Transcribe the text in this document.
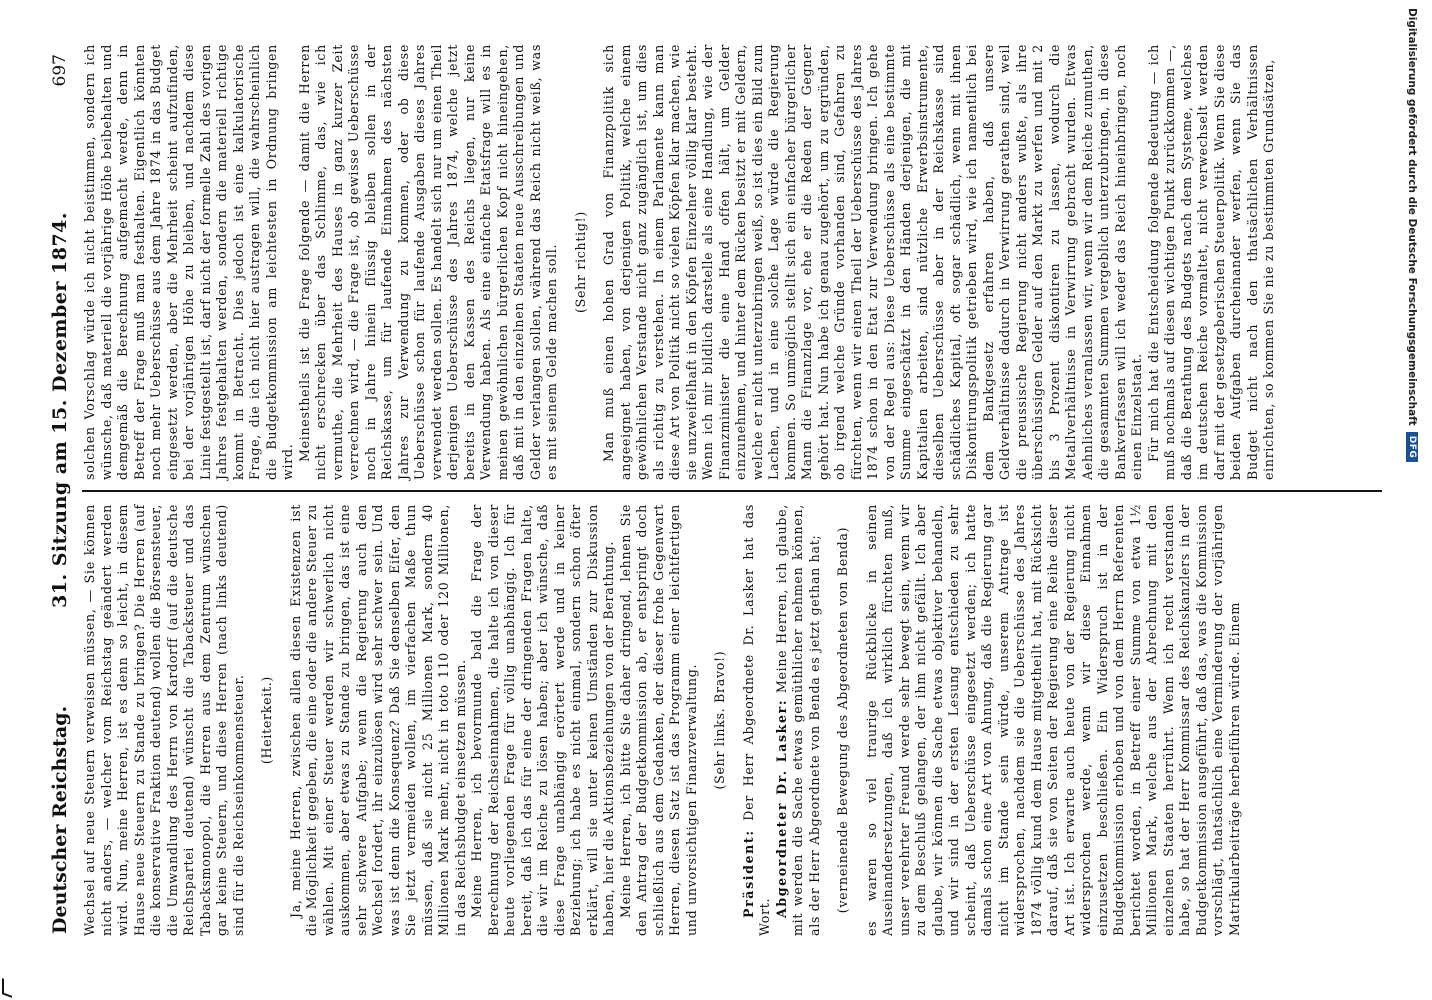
Deutscher Reichstag.
31. Sitzung am 15. Dezember 1874.
697

Wechsel auf neue Steuern verweisen müssen, — Sie können nicht anders, — welcher vom Reichstag geändert werden wird. Nun, meine Herren, ist es denn so leicht, in diesem Hause neue Steuern zu Stande zu bringen? Die Herren (auf die konservative Fraktion deutend) wollen die Börsensteuer, die Umwandlung des Herrn von Kardorff (auf die deutsche Reichspartei deutend) wünscht die Tabacksteuer und das Tabacksmonopol, die Herren aus dem Zentrum wünschen gar keine Steuern, und diese Herren (nach links deutend) sind für die Reichseinkommensteuer. (Heiterkeit.) Ja, meine Herren, zwischen allen diesen Existenzen ist die Möglichkeit gegeben, die eine oder die andere Steuer zu wählen. Mit einer Steuer werden wir schwerlich nicht auskommen, aber etwas zu Stande zu bringen, das ist eine sehr schwere Aufgabe; wenn die Regierung auch den Wechsel fordert, ihr einzulösen wird sehr schwer sein. Und was ist denn die Konsequenz? Daß Sie denselben Eifer, den Sie jetzt vermeiden wollen, im vierfachen Maße thun müssen, daß sie nicht 25 Millionen Mark, sondern 40 Millionen Mark mehr, nicht in toto 110 oder 120 Millionen, in das Reichsbudget einsetzen müssen. Meine Herren, ich bevormunde bald die Frage der Berechnung der Reichseinnahmen, die halte ich von dieser heute vorliegenden Frage für völlig unabhängig. Ich für bereit, daß ich das für eine der dringenden Fragen halte, die wir im Reiche zu lösen haben; aber ich wünsche, daß diese Frage unabhängig erörtert werde und in keiner Beziehung; ich habe es nicht einmal, sondern schon öfter erklärt, will sie unter keinen Umständen zur Diskussion haben, hier die Aktionsbeziehungen von der Berathung. Meine Herren, ich bitte Sie daher dringend, lehnen Sie den Antrag der Budgetkommission ab, er entspringt doch schließlich aus dem Gedanken, der dieser frohe Gegenwart Herren, diesen Satz ist das Programm einer leichtfertigen und unvorsichtigen Finanzverwaltung. (Sehr links. Bravo!)

Präsident: Der Herr Abgeordnete Dr. Lasker hat das Wort. Abgeordneter Dr. Lasker: Meine Herren, ich glaube, mit werden die Sache etwas gemüthlicher nehmen können, als der Herr Abgeordnete von Benda es jetzt gethan hat; (verneinende Bewegung des Abgeordneten von Benda) es waren so viel traurige Rückblicke in seinen Auseinandersetzungen, daß ich wirklich fürchten muß, unser verehrter Freund werde sehr bewegt sein, wenn wir zu dem Beschluß gelangen, der ihm nicht gefällt. Ich aber glaube, wir können die Sache etwas objektiver behandeln, und wir sind in der ersten Lesung entschieden zu sehr scheint, daß Ueberschüsse eingesetzt werden; ich hatte damals schon eine Art von Ahnung, daß die Regierung gar nicht im Stande sein würde, unserem Antrage ist widersprochen, nachdem sie die Ueberschüsse des Jahres 1874 völlig kund dem Hause mitgetheilt hat, mit Rücksicht darauf, daß sie von Seiten der Regierung eine Reihe dieser Art ist. Ich erwarte auch heute von der Regierung nicht widersprochen werde, wenn wir diese Einnahmen einzusetzen beschließen. Ein Widerspruch ist in der Budgetkommission erhoben und von dem Herrn Referenten berichtet worden, in Betreff einer Summe von etwa 1½ Millionen Mark, welche aus der Abrechnung mit den einzelnen Staaten herrührt. Wenn ich recht verstanden habe, so hat der Herr Kommissar des Reichskanzlers in der Budgetkommission ausgeführt, daß das, was die Kommission vorschlägt, thatsächlich eine Verminderung der vorjährigen Matrikularbeiträge herbeiführen würde. Einem

solchen Vorschlag würde ich nicht beistimmen, sondern ich wünsche, daß materiell die vorjährige Höhe beibehalten und demgemäß die Berechnung aufgemacht werde, denn in Betreff der Frage muß man festhalten. Eigentlich könnten noch mehr Ueberschüsse aus dem Jahre 1874 in das Budget eingesetzt werden, aber die Mehrheit scheint aufzufinden, bei der vorjährigen Höhe zu bleiben, und nachdem diese Linie festgestellt ist, darf nicht der formelle Zahl des vorigen Jahres festgehalten werden, sondern die materiell richtige kommt in Betracht. Dies jedoch ist eine kalkulatorische Frage, die ich nicht hier austragen will, die wahrscheinlich die Budgetkommission am leichtesten in Ordnung bringen wird. Meinestheils ist die Frage folgende — damit die Herren nicht erschrecken über das Schlimme, das, wie ich vermuthe, die Mehrheit des Hauses in ganz kurzer Zeit verrechnen wird, — die Frage ist, ob gewisse Ueberschüsse noch in Jahre hinein flüssig bleiben sollen in der Reichskasse, um für laufende Einnahmen des nächsten Jahres zur Verwendung zu kommen, oder ob diese Ueberschüsse schon für laufende Ausgaben dieses Jahres verwendet werden sollen. Es handelt sich nur um einen Theil derjenigen Ueberschüsse des Jahres 1874, welche jetzt bereits in den Kassen des Reichs liegen, nur keine Verwendung haben. Als eine einfache Etatsfrage will es in meinen gewöhnlichen bürgerlichen Kopf nicht hineingehen, daß mit in den einzelnen Staaten neue Ausschreibungen und Gelder verlangen sollen, während das Reich nicht weiß, was es mit seinem Gelde machen soll. (Sehr richtig!) Man muß einen hohen Grad von Finanzpolitik sich angeeignet haben, von derjenigen Politik, welche einem gewöhnlichen Verstande nicht ganz zugänglich ist, um dies als richtig zu verstehen. In einem Parlamente kann man diese Art von Politik nicht so vielen Köpfen klar machen, wie sie unzweifelhaft in den Köpfen Einzelner völlig klar besteht. Wenn ich mir bildlich darstelle als eine Handlung, wie der Finanzminister die eine Hand offen hält, um Gelder einzunehmen, und hinter dem Rücken besitzt er mit Geldern, welche er nicht unterzubringen weiß, so ist dies ein Bild zum Lachen, und in eine solche Lage würde die Regierung kommen. So unmöglich stellt sich ein einfacher bürgerlicher Mann die Finanzlage vor, ehe er die Reden der Gegner gehört hat. Nun habe ich genau zugehört, um zu ergründen, ob irgend welche Gründe vorhanden sind, Gefahren zu fürchten, wenn wir einen Theil der Ueberschüsse des Jahres 1874 schon in den Etat zur Verwendung bringen. Ich gehe von der Regel aus: Diese Ueberschüsse als eine bestimmte Summe eingeschätzt in den Händen derjenigen, die mit Kapitalien arbeiten, sind nützliche Erwerbsinstrumente, dieselben Ueberschüsse aber in der Reichskasse sind schädliches Kapital, oft sogar schädlich, wenn mit ihnen Diskontirungspolitik getrieben wird, wie ich namentlich bei dem Bankgesetz erfahren haben, daß unsere Geldverhältnisse dadurch in Verwirrung gerathen sind, weil die preussische Regierung nicht anders wußte, als ihre überschüssigen Gelder auf den Markt zu werfen und mit 2 bis 3 Prozent diskontiren zu lassen, wodurch die Metallverhältnisse in Verwirrung gebracht wurden. Etwas Aehnliches veranlassen wir, wenn wir dem Reiche zumuthen, die gesammten Summen vergeblich unterzubringen, in diese Bankverfassen will ich weder das Reich hineinbringen, noch einen Einzelstaat. Für mich hat die Entscheidung folgende Bedeutung — ich muß nochmals auf diesen wichtigen Punkt zurückkommen —, daß die Berathung des Budgets nach dem Systeme, welches im deutschen Reiche vormaltet, nicht verwechselt werden darf mit der gesetzgeberischen Steuerpolitik. Wenn Sie diese beiden Aufgaben durcheinander werfen, wenn Sie das Budget nicht nach den thatsächlichen Verhältnissen einrichten, so kommen Sie nie zu bestimmten Grundsätzen,	Digitalisierung gefördert durch die Deutsche Forschungsgemeinschaft
DFG
